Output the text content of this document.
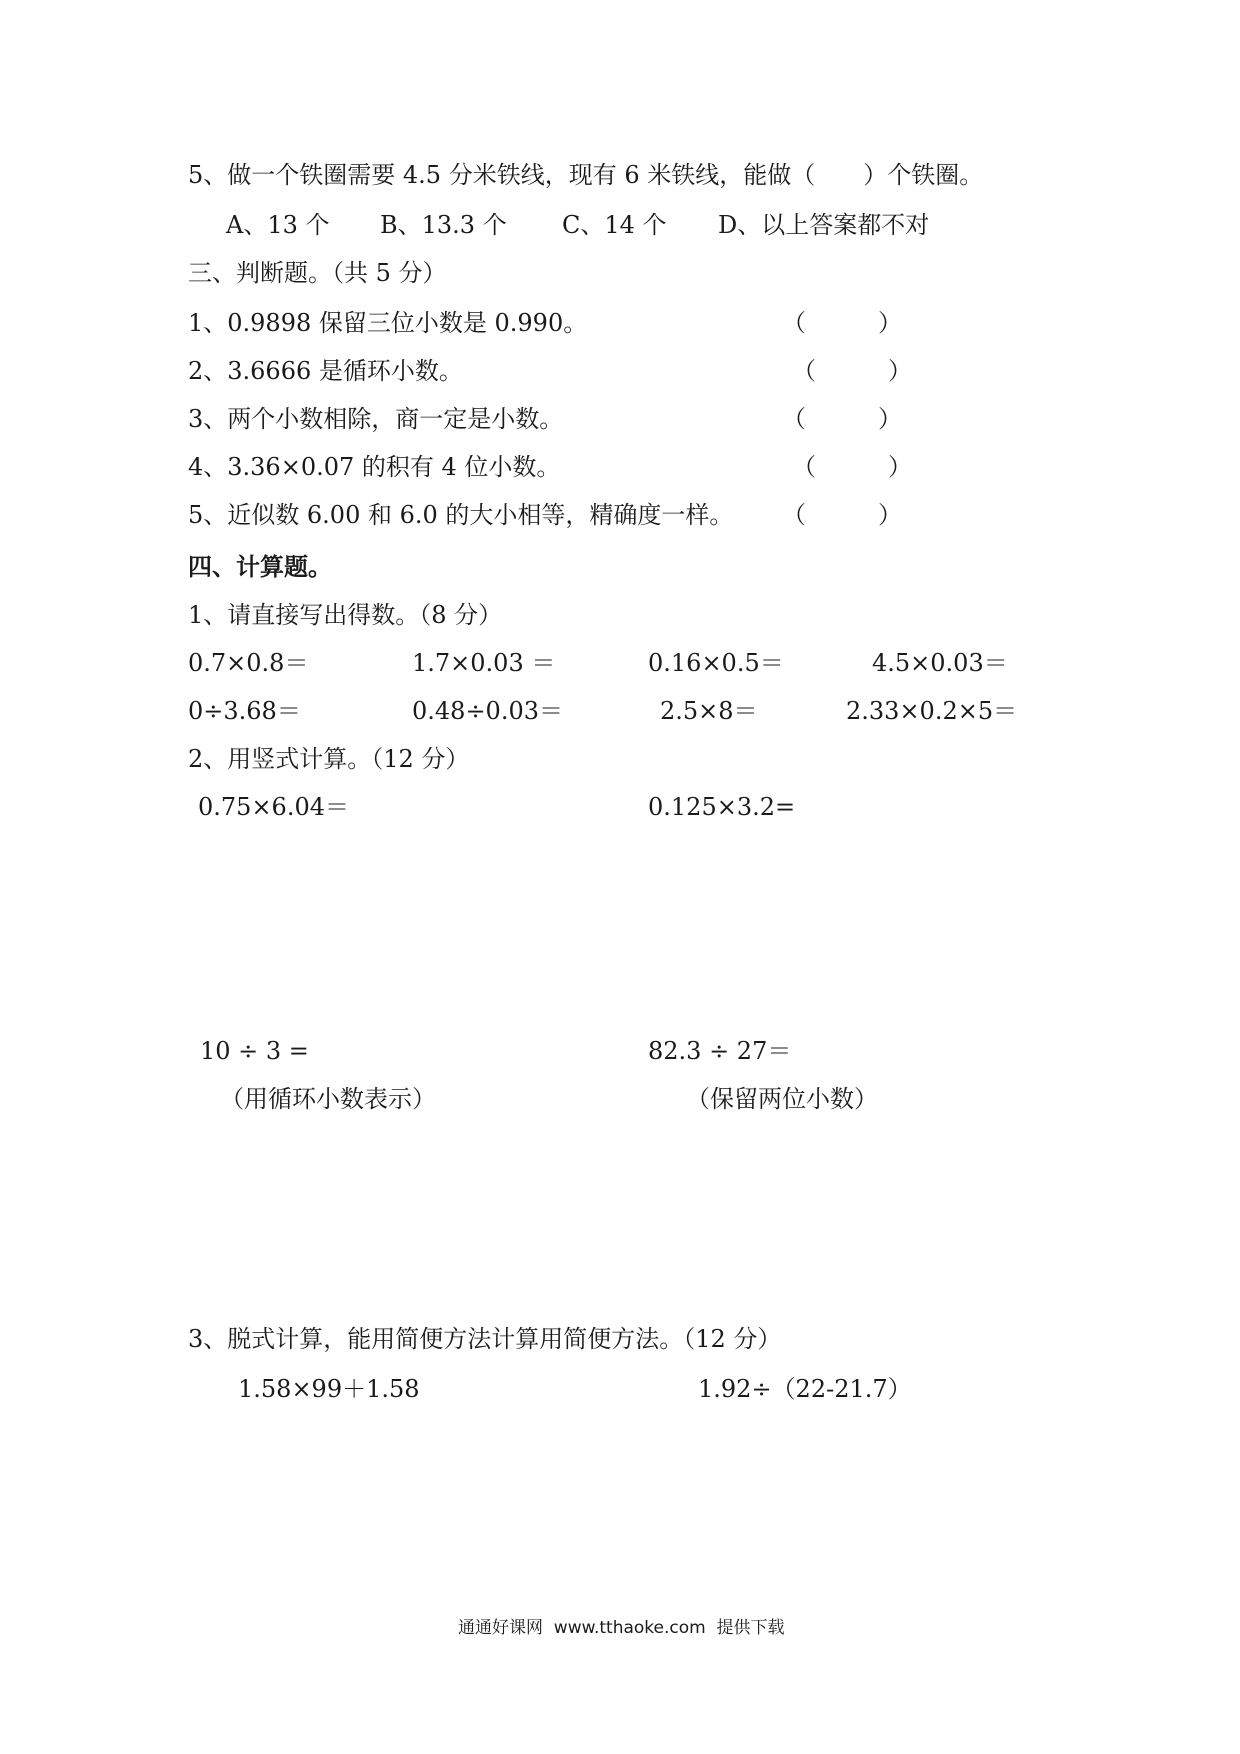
5、做一个铁圈需要 4.5 分米铁线，现有 6 米铁线，能做（　　）个铁圈。
A、13 个 B、13.3 个 C、14 个 D、以上答案都不对
三、判断题。（共 5 分）
1、0.9898 保留三位小数是 0.990。	（　　　）
2、3.6666 是循环小数。	（　　　）
3、两个小数相除，商一定是小数。	（　　　）
4、3.36×0.07 的积有 4 位小数。	（　　　）
5、近似数 6.00 和 6.0 的大小相等，精确度一样。 （　　　）
四、计算题。
1、请直接写出得数。（8 分）
0.7×0.8＝	1.7×0.03 ＝	0.16×0.5＝	4.5×0.03＝
0÷3.68＝	0.48÷0.03＝	2.5×8＝	2.33×0.2×5＝
2、用竖式计算。（12 分）
0.75×6.04＝	0.125×3.2=
10 ÷ 3 =	82.3 ÷ 27＝
（用循环小数表示）	（保留两位小数）
3、脱式计算，能用简便方法计算用简便方法。（12 分）
1.58×99＋1.58	1.92÷（22-21.7）
通通好课网  www.tthaoke.com  提供下载
